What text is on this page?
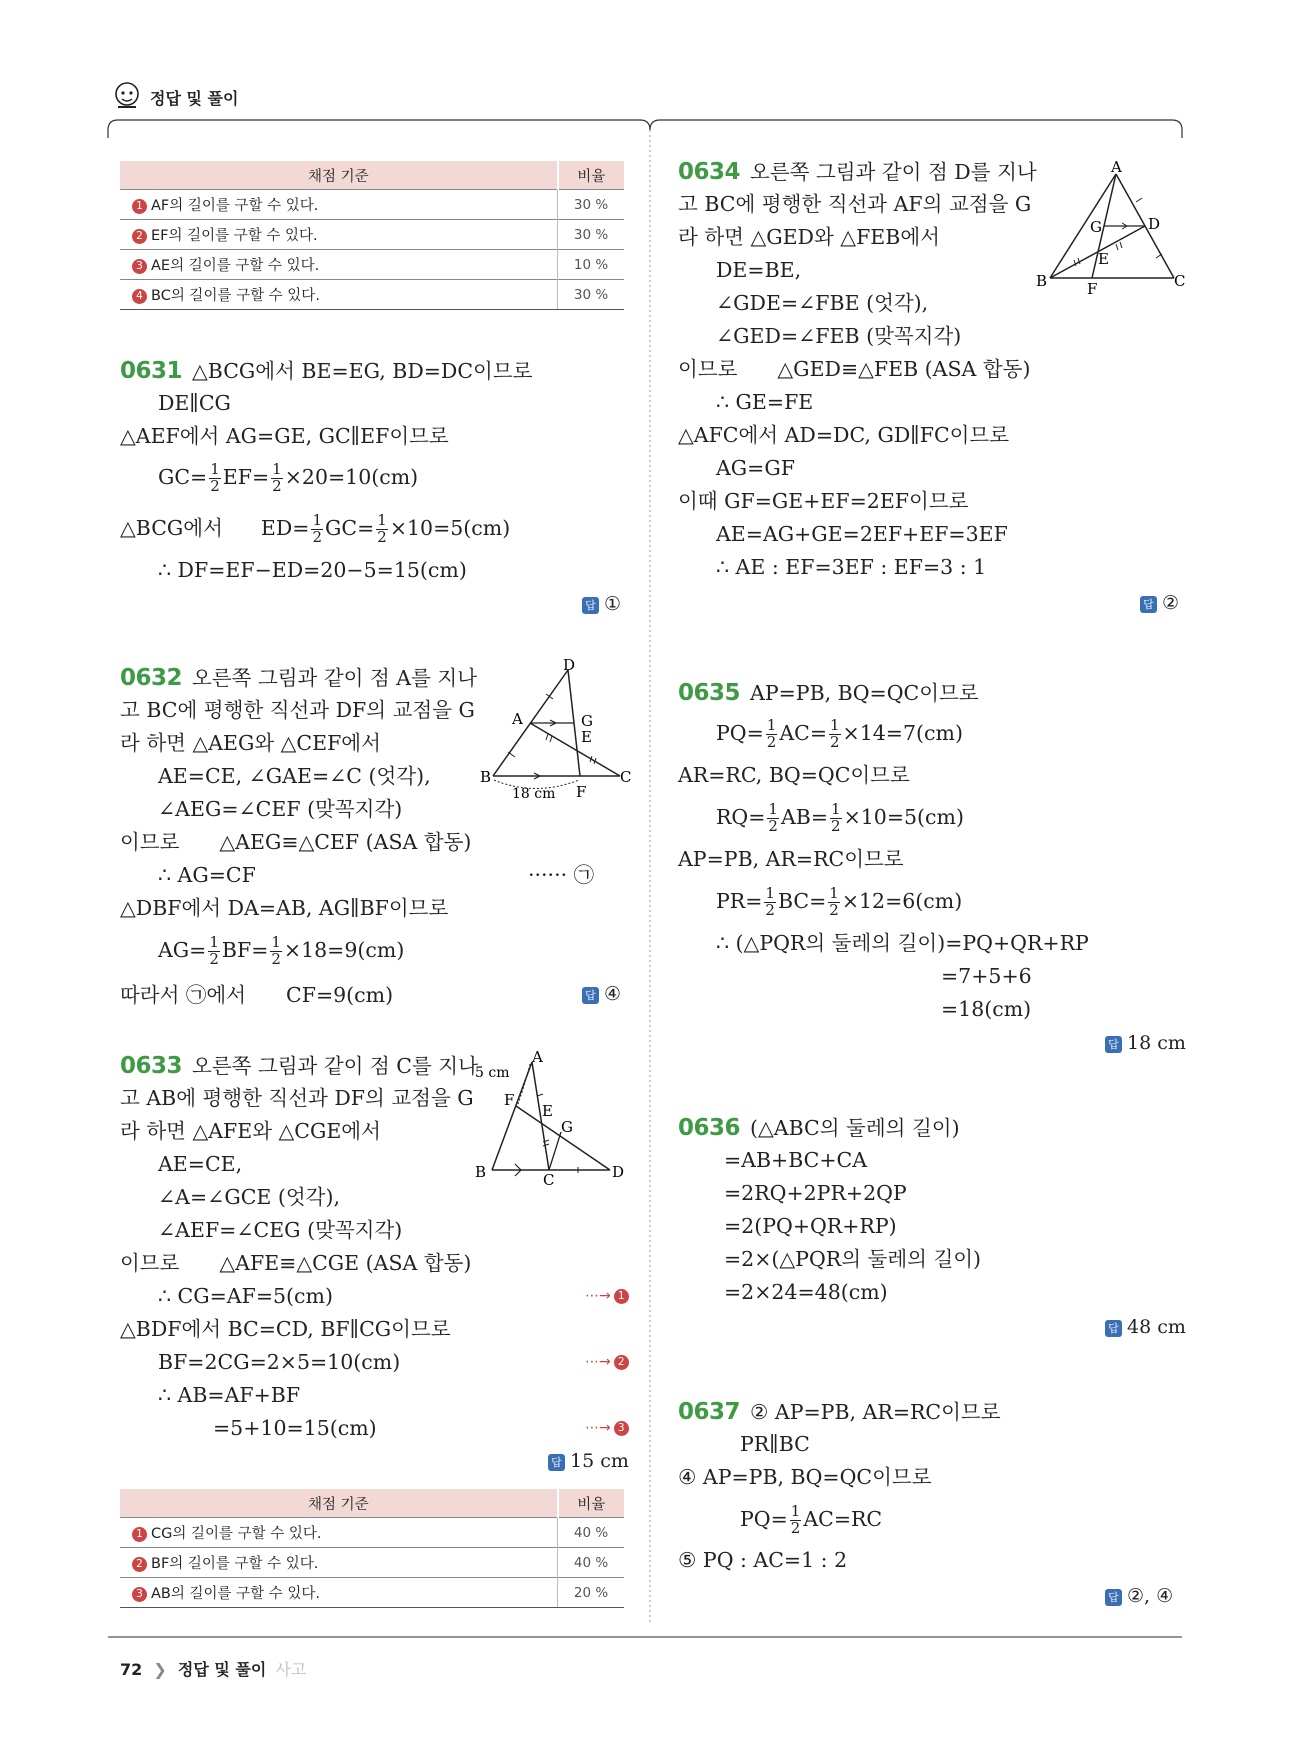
정답 및 풀이
채점 기준	비율
1 AF의 길이를 구할 수 있다.	30 %
2 EF의 길이를 구할 수 있다.	30 %
3 AE의 길이를 구할 수 있다.	10 %
4 BC의 길이를 구할 수 있다.	30 %
0631 △BCG에서 BE=EG, BD=DC이므로
DE∥CG
△AEF에서 AG=GE, GC∥EF이므로
$GC= \frac{1}{2} EF= \frac{1}{2} \times 20=10(cm)$
△BCG에서 $ED= \frac{1}{2} GC= \frac{1}{2} \times 10=5(cm)$
∴ DF=EF−ED=20−5=15(cm)
답 ①
0632 오른쪽 그림과 같이 점 A를 지나
고 BC에 평행한 직선과 DF의 교점을 G
라 하면 △AEG와 △CEF에서
AE=CE, ∠GAE=∠C (엇각),
∠AEG=∠CEF (맞꼭지각)
이므로 △AEG≡△CEF (ASA 합동)
∴ AG=CF	······ ㉠
△DBF에서 DA=AB, AG∥BF이므로
$AG= \frac{1}{2} BF= \frac{1}{2} \times 18=9(cm)$
따라서 ㉠에서 CF=9(cm)	답 ④
D
A	G
E
B	C
F
18 cm
0633 오른쪽 그림과 같이 점 C를 지나
고 AB에 평행한 직선과 DF의 교점을 G
라 하면 △AFE와 △CGE에서
AE=CE,
∠A=∠GCE (엇각),
∠AEF=∠CEG (맞꼭지각)
이므로 △AFE≡△CGE (ASA 합동)
∴ CG=AF=5(cm)	⋯→ 1
△BDF에서 BC=CD, BF∥CG이므로
BF=2CG=2×5=10(cm)	⋯→ 2
∴ AB=AF+BF
=5+10=15(cm)	⋯→ 3
답 15 cm
A
5 cm
F
E
G
B	C	D
채점 기준	비율
1 CG의 길이를 구할 수 있다.	40 %
2 BF의 길이를 구할 수 있다.	40 %
3 AB의 길이를 구할 수 있다.	20 %
0634 오른쪽 그림과 같이 점 D를 지나
고 BC에 평행한 직선과 AF의 교점을 G
라 하면 △GED와 △FEB에서
DE=BE,
∠GDE=∠FBE (엇각),
∠GED=∠FEB (맞꼭지각)
이므로 △GED≡△FEB (ASA 합동)
∴ GE=FE
△AFC에서 AD=DC, GD∥FC이므로
AG=GF
이때 GF=GE+EF=2EF이므로
AE=AG+GE=2EF+EF=3EF
∴ AE : EF=3EF : EF=3 : 1
답 ②
A
G	D
E
B	F	C
0635 AP=PB, BQ=QC이므로
$PQ= \frac{1}{2} AC= \frac{1}{2} \times 14=7(cm)$
AR=RC, BQ=QC이므로
$RQ= \frac{1}{2} AB= \frac{1}{2} \times 10=5(cm)$
AP=PB, AR=RC이므로
$PR= \frac{1}{2} BC= \frac{1}{2} \times 12=6(cm)$
∴ (△PQR의 둘레의 길이)=PQ+QR+RP
=7+5+6
=18(cm)
답 18 cm
0636 (△ABC의 둘레의 길이)
=AB+BC+CA
=2RQ+2PR+2QP
=2(PQ+QR+RP)
=2×(△PQR의 둘레의 길이)
=2×24=48(cm)
답 48 cm
0637 ② AP=PB, AR=RC이므로
PR∥BC
④ AP=PB, BQ=QC이므로
$PQ= \frac{1}{2} AC=RC$
⑤ PQ : AC=1 : 2
답 ②, ④
72 ❯ 정답 및 풀이 사고
